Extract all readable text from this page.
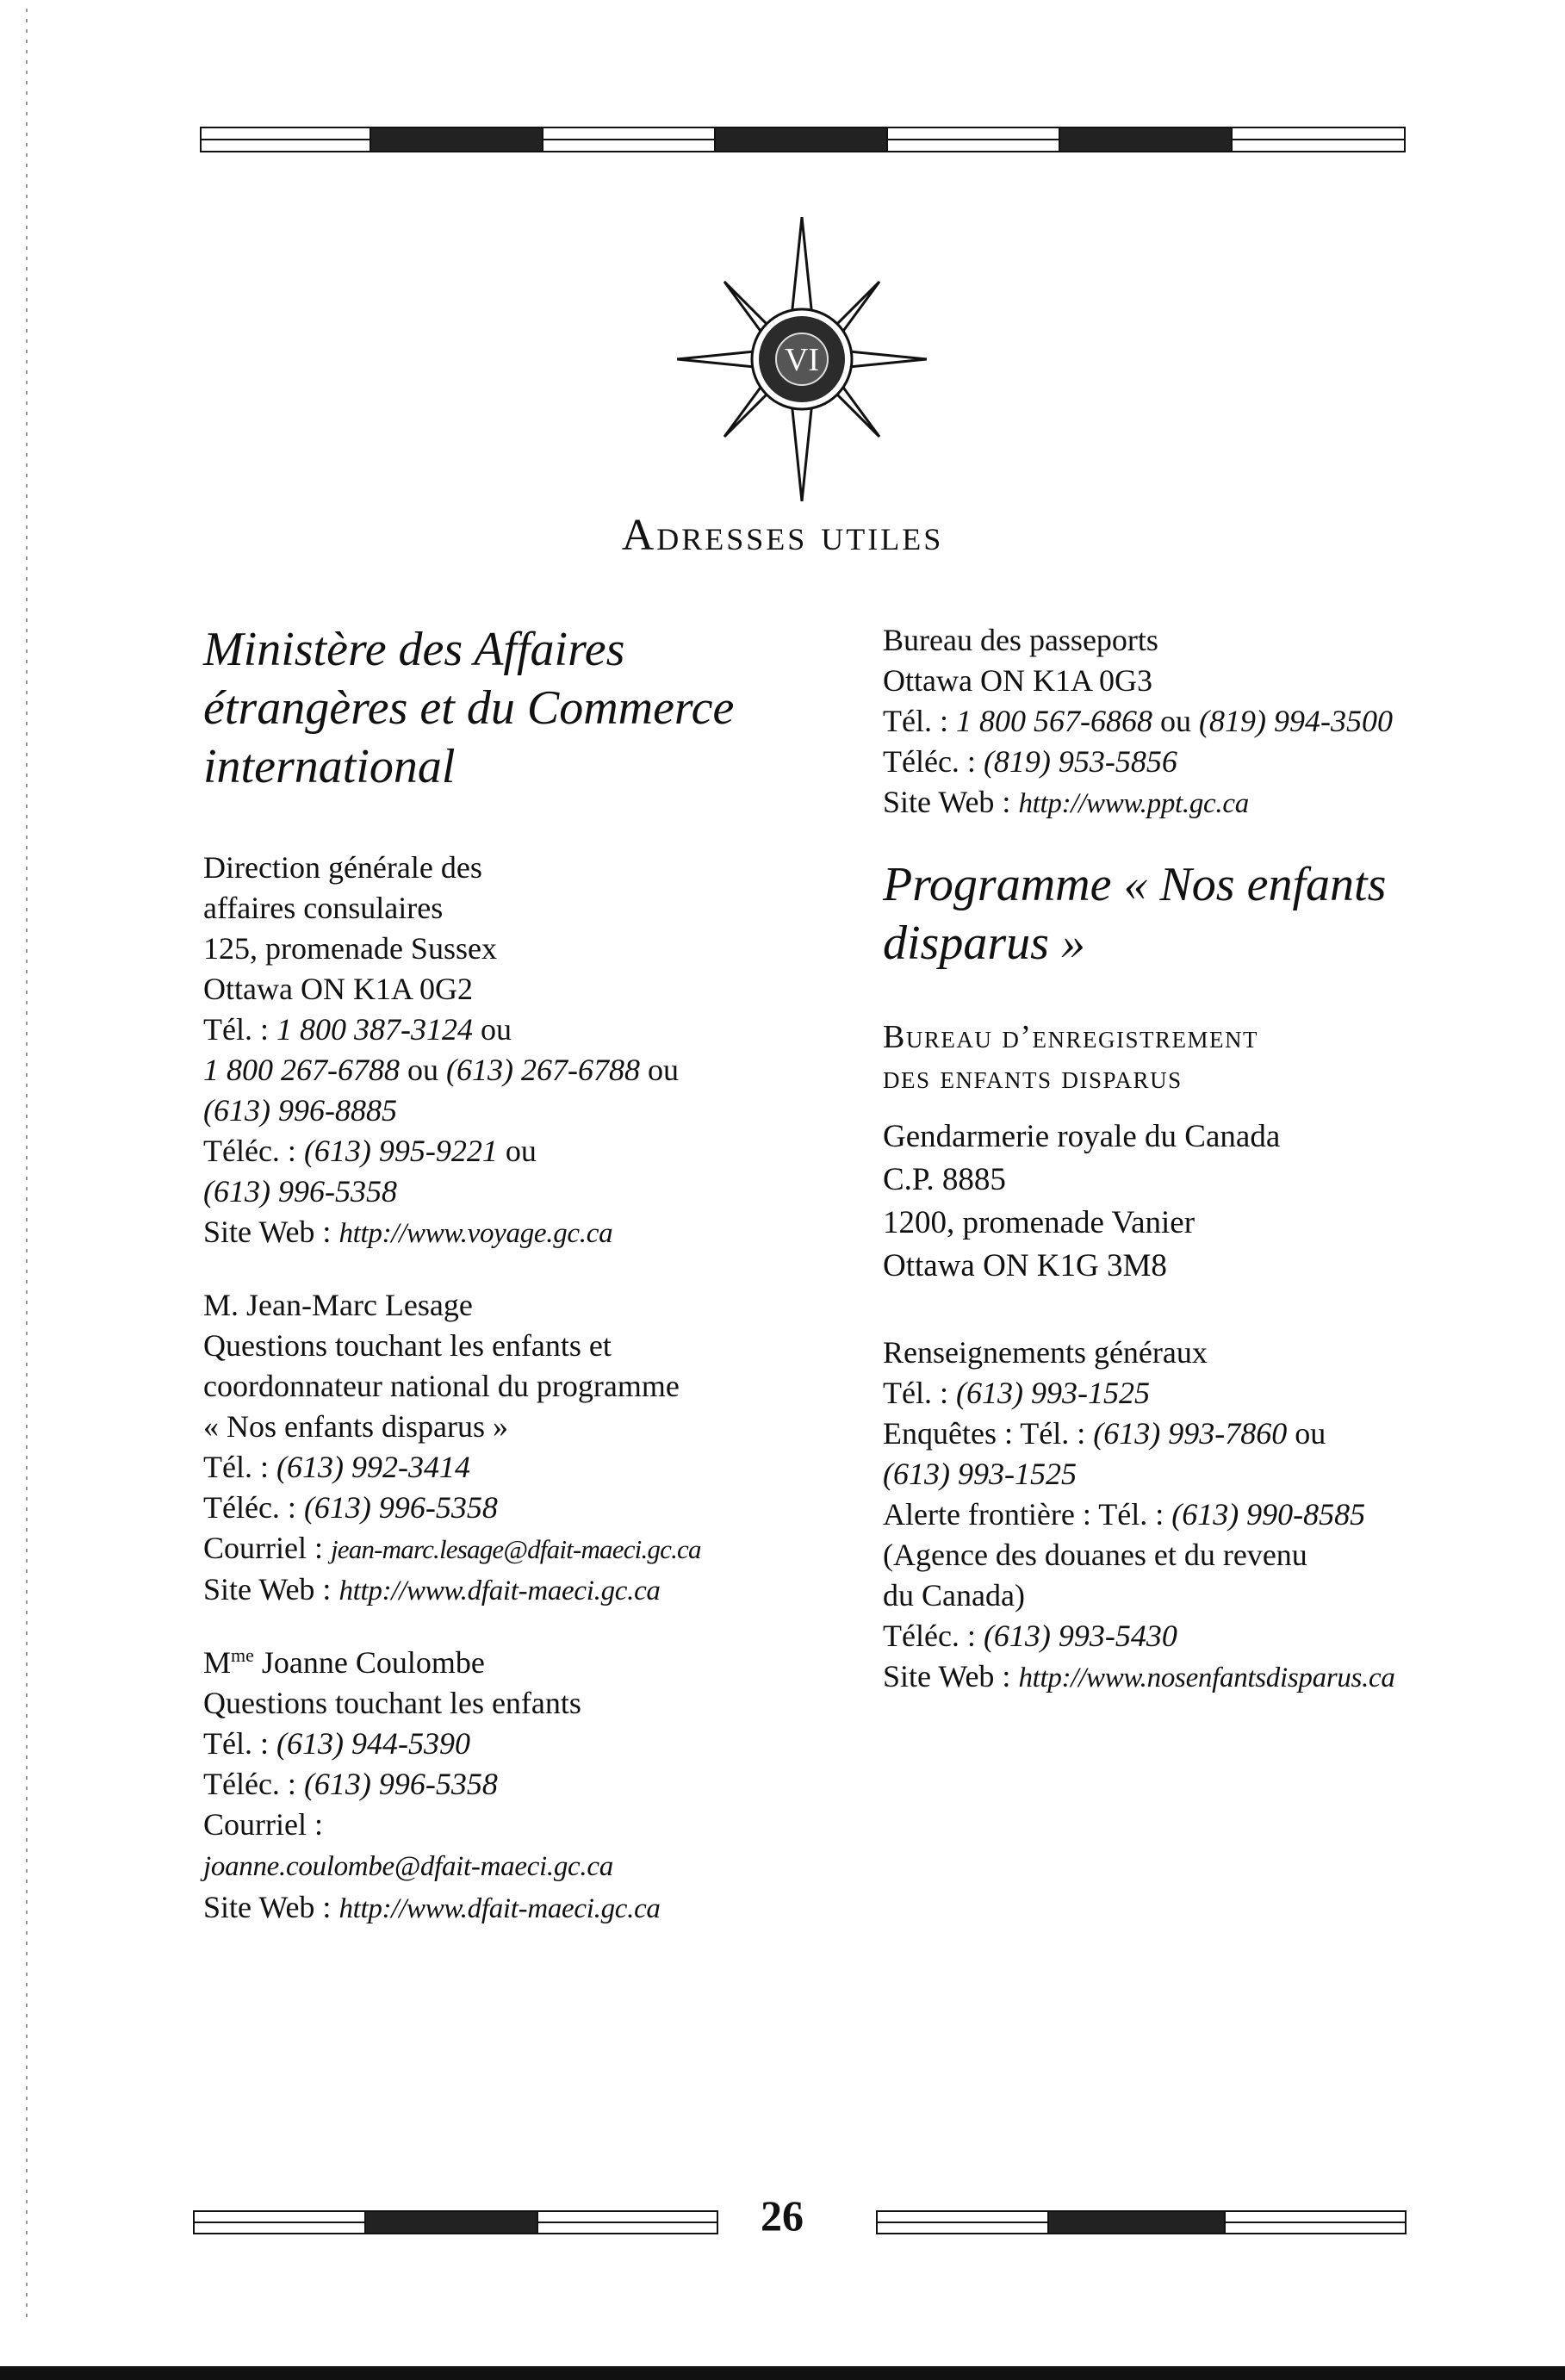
VI
Adresses utiles
Ministère des Affaires
étrangères et du Commerce
international

Direction générale des

affaires consulaires

125, promenade Sussex

Ottawa ON K1A 0G2

Tél. : 1 800 387-3124 ou

1 800 267-6788 ou (613) 267-6788 ou

(613) 996-8885

Téléc. : (613) 995-9221 ou

(613) 996-5358

Site Web : http://www.voyage.gc.ca

M. Jean-Marc Lesage

Questions touchant les enfants et

coordonnateur national du programme

« Nos enfants disparus »

Tél. : (613) 992-3414

Téléc. : (613) 996-5358

Courriel : jean-marc.lesage@dfait-maeci.gc.ca

Site Web : http://www.dfait-maeci.gc.ca

$M^{me}$ Joanne Coulombe

Questions touchant les enfants

Tél. : (613) 944-5390

Téléc. : (613) 996-5358

Courriel :

joanne.coulombe@dfait-maeci.gc.ca

Site Web : http://www.dfait-maeci.gc.ca

Bureau des passeports

Ottawa ON K1A 0G3

Tél. : 1 800 567-6868 ou (819) 994-3500

Téléc. : (819) 953-5856

Site Web : http://www.ppt.gc.ca

Programme « Nos enfants
disparus »

Bureau d’enregistrement

des enfants disparus

Gendarmerie royale du Canada

C.P. 8885

1200, promenade Vanier

Ottawa ON K1G 3M8

Renseignements généraux

Tél. : (613) 993-1525

Enquêtes : Tél. : (613) 993-7860 ou

(613) 993-1525

Alerte frontière : Tél. : (613) 990-8585

(Agence des douanes et du revenu

du Canada)

Téléc. : (613) 993-5430

Site Web : http://www.nosenfantsdisparus.ca

26
